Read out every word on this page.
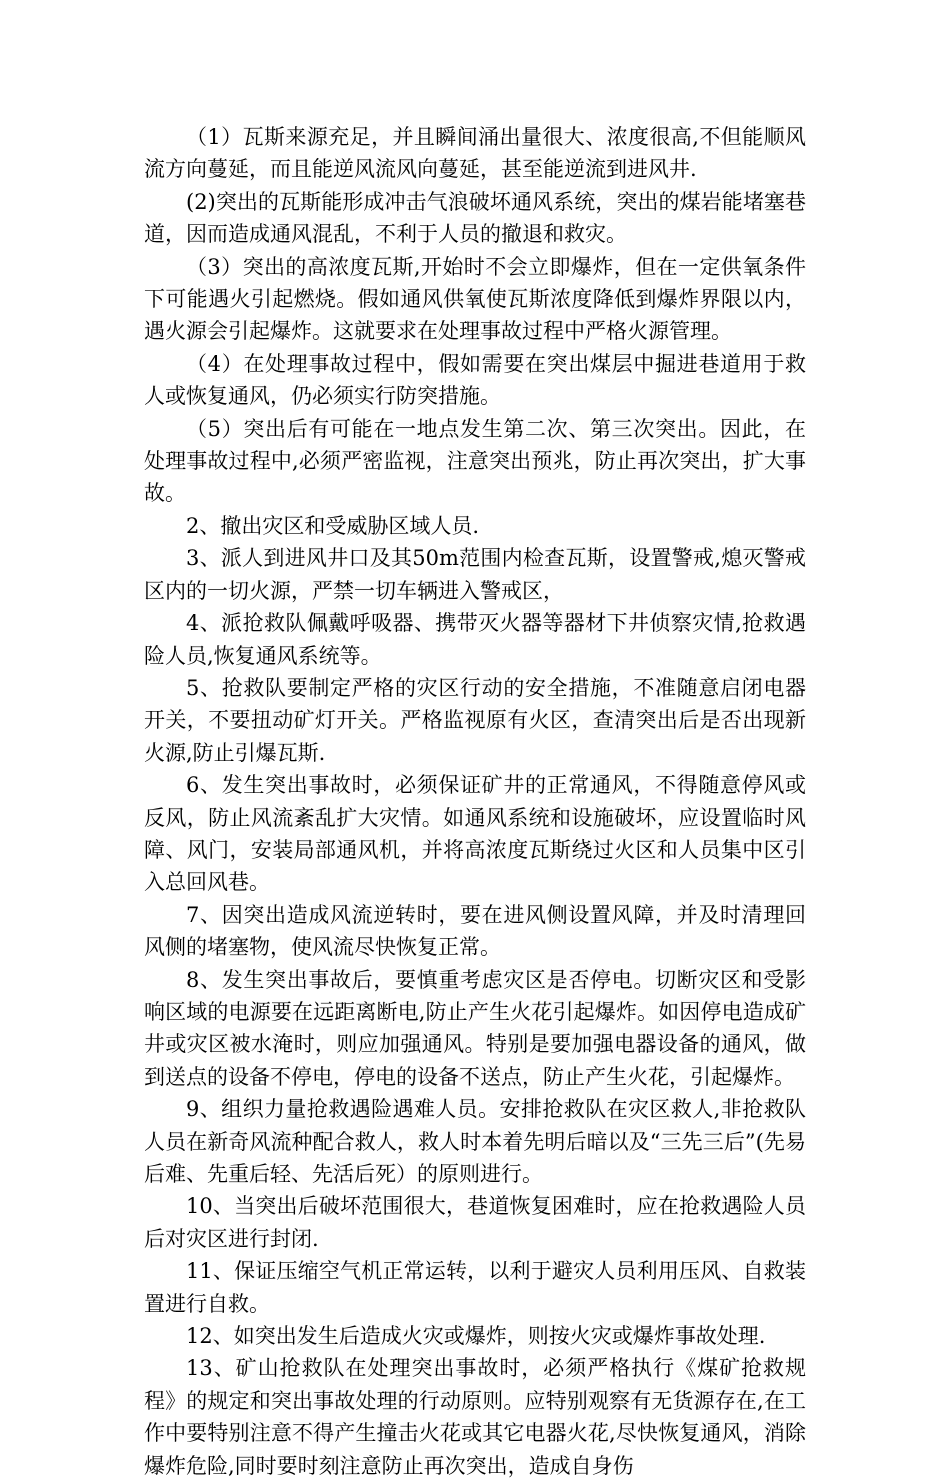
（1）瓦斯来源充足，并且瞬间涌出量很大、浓度很高,不但能顺风流方向蔓延，而且能逆风流风向蔓延，甚至能逆流到进风井.

(2)突出的瓦斯能形成冲击气浪破坏通风系统，突出的煤岩能堵塞巷道，因而造成通风混乱，不利于人员的撤退和救灾。

（3）突出的高浓度瓦斯,开始时不会立即爆炸，但在一定供氧条件下可能遇火引起燃烧。假如通风供氧使瓦斯浓度降低到爆炸界限以内，遇火源会引起爆炸。这就要求在处理事故过程中严格火源管理。

（4）在处理事故过程中，假如需要在突出煤层中掘进巷道用于救人或恢复通风，仍必须实行防突措施。

（5）突出后有可能在一地点发生第二次、第三次突出。因此，在处理事故过程中,必须严密监视，注意突出预兆，防止再次突出，扩大事故。

2、撤出灾区和受威胁区域人员.

3、派人到进风井口及其50m范围内检查瓦斯，设置警戒,熄灭警戒区内的一切火源，严禁一切车辆进入警戒区，

4、派抢救队佩戴呼吸器、携带灭火器等器材下井侦察灾情,抢救遇险人员,恢复通风系统等。

5、抢救队要制定严格的灾区行动的安全措施，不准随意启闭电器开关，不要扭动矿灯开关。严格监视原有火区，查清突出后是否出现新火源,防止引爆瓦斯.

6、发生突出事故时，必须保证矿井的正常通风，不得随意停风或反风，防止风流紊乱扩大灾情。如通风系统和设施破坏，应设置临时风障、风门，安装局部通风机，并将高浓度瓦斯绕过火区和人员集中区引入总回风巷。

7、因突出造成风流逆转时，要在进风侧设置风障，并及时清理回风侧的堵塞物，使风流尽快恢复正常。

8、发生突出事故后，要慎重考虑灾区是否停电。切断灾区和受影响区域的电源要在远距离断电,防止产生火花引起爆炸。如因停电造成矿井或灾区被水淹时，则应加强通风。特别是要加强电器设备的通风，做到送点的设备不停电，停电的设备不送点，防止产生火花，引起爆炸。

9、组织力量抢救遇险遇难人员。安排抢救队在灾区救人,非抢救队人员在新奇风流种配合救人，救人时本着先明后暗以及“三先三后”(先易后难、先重后轻、先活后死）的原则进行。

10、当突出后破坏范围很大，巷道恢复困难时，应在抢救遇险人员后对灾区进行封闭.

11、保证压缩空气机正常运转，以利于避灾人员利用压风、自救装置进行自救。

12、如突出发生后造成火灾或爆炸，则按火灾或爆炸事故处理.

13、矿山抢救队在处理突出事故时，必须严格执行《煤矿抢救规程》的规定和突出事故处理的行动原则。应特别观察有无货源存在,在工作中要特别注意不得产生撞击火花或其它电器火花,尽快恢复通风，消除爆炸危险,同时要时刻注意防止再次突出，造成自身伤
